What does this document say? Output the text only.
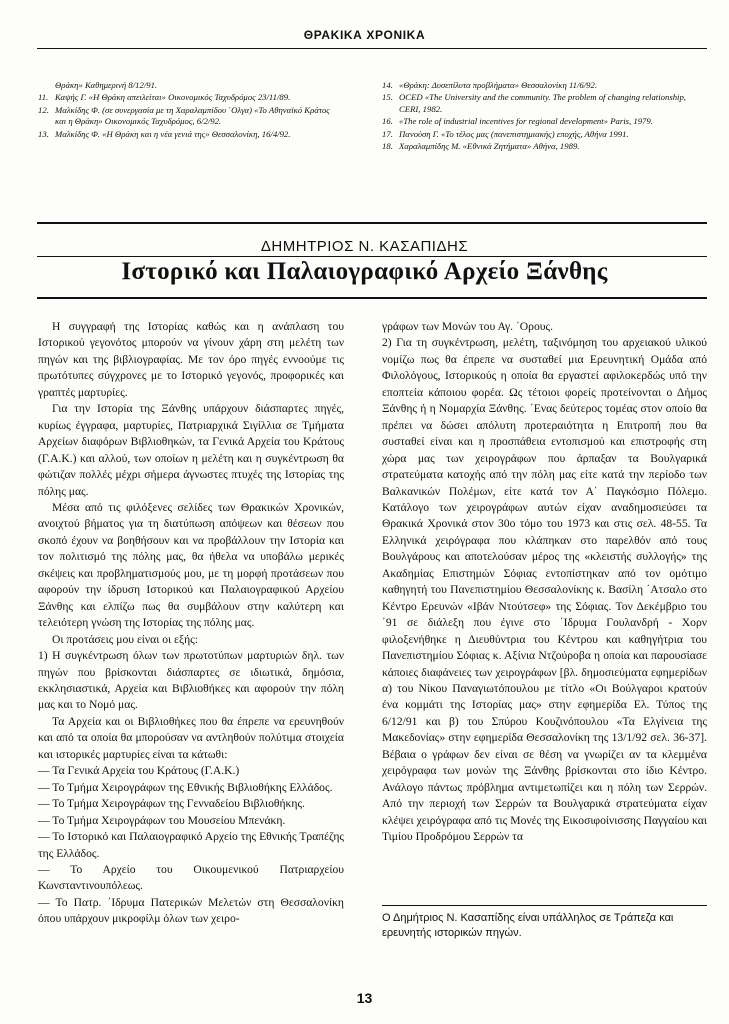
ΘΡΑΚΙΚΑ ΧΡΟΝΙΚΑ
Θράκη» Καθημερινή 8/12/91.
11. Καψής Γ. «Η Θράκη απειλείται» Οικονομικός Ταχυδρόμος 23/11/89.
12. Μαλκίδης Φ. (σε συνεργασία με τη Χαραλαμπίδου ΄Ολγα) «Το Αθηναϊκό Κράτος και η Θράκη» Οικονομικός Ταχυδρόμος, 6/2/92.
13. Μαλκίδης Φ. «Η Θράκη και η νέα γενιά της» Θεσσαλονίκη, 16/4/92.
14. «Θράκη: Δυσεπίλυτα προβλήματα» Θεσσαλονίκη 11/6/92.
15. OCED «The University and the community. The problem of changing relationship, CERI, 1982.
16. «The role of industrial incentives for regional development» Paris, 1979.
17. Πανούση Γ. «Το τέλος μας (πανεπιστημιακής) εποχής, Αθήνα 1991.
18. Χαραλαμπίδης Μ. «Εθνικά Ζητήματα» Αθήνα, 1989.
ΔΗΜΗΤΡΙΟΣ Ν. ΚΑΣΑΠΙΔΗΣ
Ιστορικό και Παλαιογραφικό Αρχείο Ξάνθης

Η συγγραφή της Ιστορίας καθώς και η ανάπλαση του Ιστορικού γεγονότος μπορούν να γίνουν χάρη στη μελέτη των πηγών και της βιβλιογραφίας. Με τον όρο πηγές εννοούμε τις πρωτότυπες σύγχρονες με το Ιστορικό γεγονός, προφορικές και γραπτές μαρτυρίες.

Για την Ιστορία της Ξάνθης υπάρχουν διάσπαρτες πηγές, κυρίως έγγραφα, μαρτυρίες, Πατριαρχικά Σιγίλλια σε Τμήματα Αρχείων διαφόρων Βιβλιοθηκών, τα Γενικά Αρχεία του Κράτους (Γ.Α.Κ.) και αλλού, των οποίων η μελέτη και η συγκέντρωση θα φώτιζαν πολλές μέχρι σήμερα άγνωστες πτυχές της Ιστορίας της πόλης μας.

Μέσα από τις φιλόξενες σελίδες των Θρακικών Χρονικών, ανοιχτού βήματος για τη διατύπωση απόψεων και θέσεων που σκοπό έχουν να βοηθήσουν και να προβάλλουν την Ιστορία και τον πολιτισμό της πόλης μας, θα ήθελα να υποβάλω μερικές σκέψεις και προβληματισμούς μου, με τη μορφή προτάσεων που αφορούν την ίδρυση Ιστορικού και Παλαιογραφικού Αρχείου Ξάνθης και ελπίζω πως θα συμβάλουν στην καλύτερη και τελειότερη γνώση της Ιστορίας της πόλης μας.

Οι προτάσεις μου είναι οι εξής:

1) Η συγκέντρωση όλων των πρωτοτύπων μαρτυριών δηλ. των πηγών που βρίσκονται διάσπαρτες σε ιδιωτικά, δημόσια, εκκλησιαστικά, Αρχεία και Βιβλιοθήκες και αφορούν την πόλη μας και το Νομό μας.

Τα Αρχεία και οι Βιβλιοθήκες που θα έπρεπε να ερευνηθούν και από τα οποία θα μπορούσαν να αντληθούν πολύτιμα στοιχεία και ιστορικές μαρτυρίες είναι τα κάτωθι:

— Τα Γενικά Αρχεία του Κράτους (Γ.Α.Κ.)

— Το Τμήμα Χειρογράφων της Εθνικής Βιβλιοθήκης Ελλάδος.

— Το Τμήμα Χειρογράφων της Γενναδείου Βιβλιοθήκης.

— Το Τμήμα Χειρογράφων του Μουσείου Μπενάκη.

— Το Ιστορικό και Παλαιογραφικό Αρχείο της Εθνικής Τραπέζης της Ελλάδος.

— Το Αρχείο του Οικουμενικού Πατριαρχείου Κωνσταντινουπόλεως.

— Το Πατρ. ΄Ιδρυμα Πατερικών Μελετών στη Θεσσαλονίκη όπου υπάρχουν μικροφίλμ όλων των χειρο-

γράφων των Μονών του Αγ. ΄Ορους.

2) Για τη συγκέντρωση, μελέτη, ταξινόμηση του αρχειακού υλικού νομίζω πως θα έπρεπε να συσταθεί μια Ερευνητική Ομάδα από Φιλολόγους, Ιστορικούς η οποία θα εργαστεί αφιλοκερδώς υπό την εποπτεία κάποιου φορέα. Ως τέτοιοι φορείς προτείνονται ο Δήμος Ξάνθης ή η Νομαρχία Ξάνθης. ΄Ενας δεύτερος τομέας στον οποίο θα πρέπει να δώσει απόλυτη προτεραιότητα η Επιτροπή που θα συσταθεί είναι και η προσπάθεια εντοπισμού και επιστροφής στη χώρα μας των χειρογράφων που άρπαξαν τα Βουλγαρικά στρατεύματα κατοχής από την πόλη μας είτε κατά την περίοδο των Βαλκανικών Πολέμων, είτε κατά τον Α΄ Παγκόσμιο Πόλεμο. Κατάλογο των χειρογράφων αυτών είχαν αναδημοσιεύσει τα Θρακικά Χρονικά στον 30ο τόμο του 1973 και στις σελ. 48-55. Τα Ελληνικά χειρόγραφα που κλάπηκαν στο παρελθόν από τους Βουλγάρους και αποτελούσαν μέρος της «κλειστής συλλογής» της Ακαδημίας Επιστημών Σόφιας εντοπίστηκαν από τον ομότιμο καθηγητή του Πανεπιστημίου Θεσσαλονίκης κ. Βασίλη ΄Ατσαλο στο Κέντρο Ερευνών «Ιβάν Ντούτσεφ» της Σόφιας. Τον Δεκέμβριο του ΄91 σε διάλεξη που έγινε στο ΄Ιδρυμα Γουλανδρή - Χορν φιλοξενήθηκε η Διευθύντρια του Κέντρου και καθηγήτρια του Πανεπιστημίου Σόφιας κ. Αξίνια Ντζούροβα η οποία και παρουσίασε κάποιες διαφάνειες των χειρογράφων [βλ. δημοσιεύματα εφημερίδων α) του Νίκου Παναγιωτόπουλου με τίτλο «Οι Βούλγαροι κρατούν ένα κομμάτι της Ιστορίας μας» στην εφημερίδα Ελ. Τύπος της 6/12/91 και β) του Σπύρου Κουζινόπουλου «Τα Ελγίνεια της Μακεδονίας» στην εφημερίδα Θεσσαλονίκη της 13/1/92 σελ. 36-37]. Βέβαια ο γράφων δεν είναι σε θέση να γνωρίζει αν τα κλεμμένα χειρόγραφα των μονών της Ξάνθης βρίσκονται στο ίδιο Κέντρο. Ανάλογο πάντως πρόβλημα αντιμετωπίζει και η πόλη των Σερρών. Από την περιοχή των Σερρών τα Βουλγαρικά στρατεύματα είχαν κλέψει χειρόγραφα από τις Μονές της Εικοσιφοίνισσης Παγγαίου και Τιμίου Προδρόμου Σερρών τα

Ο Δημήτριος Ν. Κασαπίδης είναι υπάλληλος σε Τράπεζα και ερευνητής ιστορικών πηγών.
13
